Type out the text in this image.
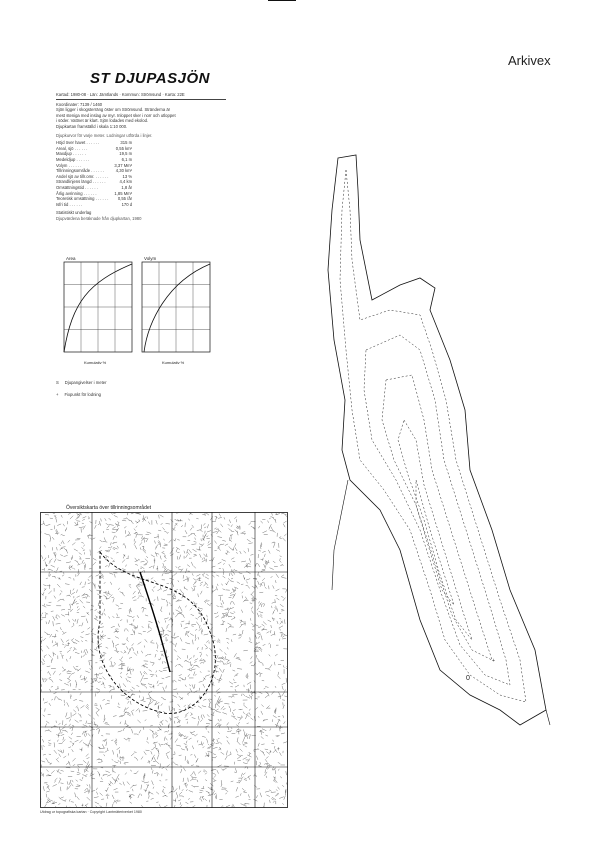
Arkivex
ST DJUPASJÖN
Kartad: 1980-08 · Län: Jämtlands · Kommun: Strömsund · Karta: 22E
Koordinater: 7139 / 1460
Sjön ligger i skogsterräng öster om Strömsund. Stränderna är
mest steniga med inslag av myr. Inloppet sker i norr och utloppet
i söder. Vattnet är klart. Sjön lodades med ekolod.
Djupkartan framställd i skala 1:10 000.
Djupkurvor för varje meter. Lodningar utförda i linjer.
Höjd över havet . . . . . .	315 m
Areal, sjö . . . . . .	0,55 km²
Maxdjup . . . . . .	19,5 m
Medeldjup . . . . . .	6,1 m
Volym . . . . . .	3,37 Mm³
Tillrinningsområde . . . . . .	4,30 km²
Andel sjö av tillr.omr. . . . . . .	13 %
Strandlinjens längd . . . . . .	4,4 km
Omsättningstid . . . . . .	1,8 år
Årlig avrinning . . . . . .	1,85 Mm³
Teoretisk omsättning . . . . . .	0,55 /år
Isfri tid . . . . . .	170 d
Statistiskt underlag
Djupvärdena beräknade från djupkartan, 1980
Area
Kumulativ %
Volym
Kumulativ %
S Djupangivelser i meter
+ Fixpunkt för lodning
Översiktskarta över tillrinningsområdet
Utdrag ur topografiska kartan · Copyright Lantmäteriverket 1980
0
+
